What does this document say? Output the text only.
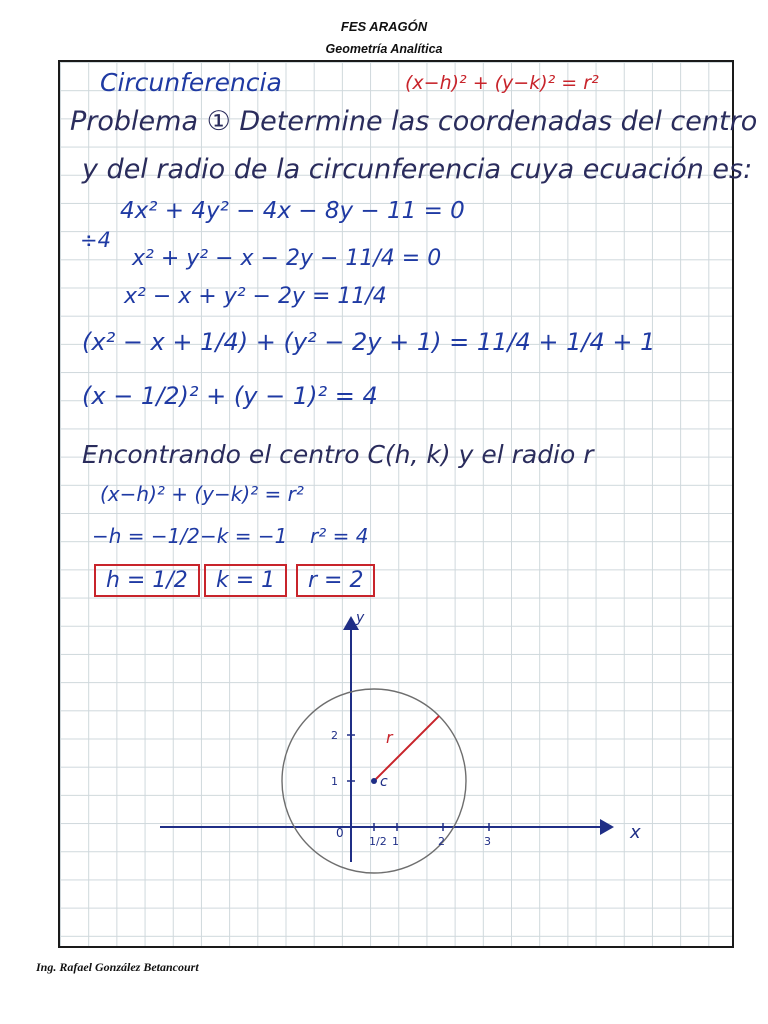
FES ARAGÓN
Geometría Analítica
Circunferencia	(x−h)² + (y−k)² = r²
Problema ① Determine las coordenadas del centro
y del radio de la circunferencia cuya ecuación es:
4x² + 4y² − 4x − 8y − 11 = 0
÷4
x² + y² − x − 2y − 11/4 = 0
x² − x + y² − 2y = 11/4
(x² − x + 1/4) + (y² − 2y + 1) = 11/4 + 1/4 + 1
(x − 1/2)² + (y − 1)² = 4
Encontrando el centro C(h, k) y el radio r
(x−h)² + (y−k)² = r²
−h = −1/2 −k = −1 r² = 4
h = 1/2	k = 1	r = 2
1/2 1	2	3
1
2
x
y
0
c
r
Ing. Rafael González Betancourt
